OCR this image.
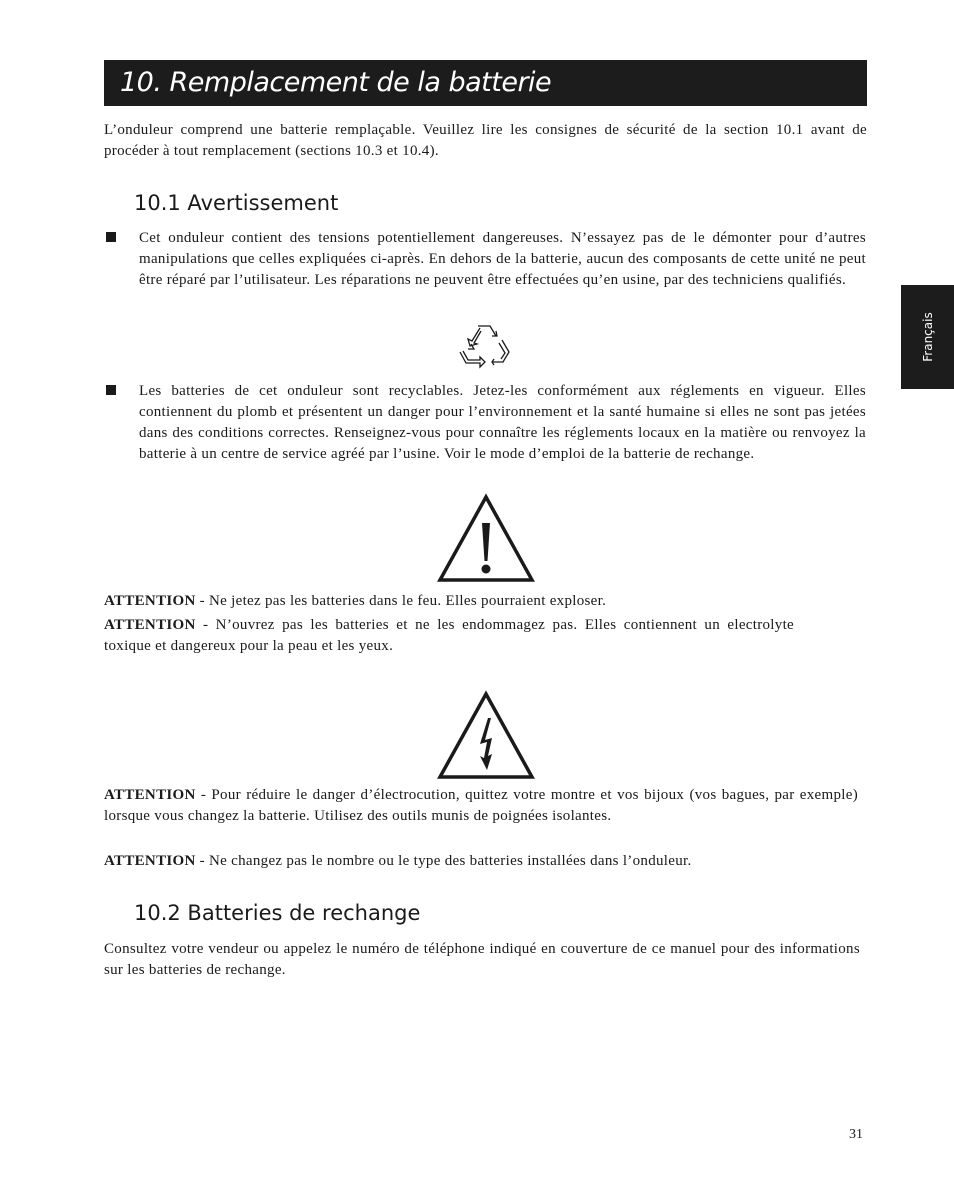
10. Remplacement de la batterie

L’onduleur comprend une batterie remplaçable. Veuillez lire les consignes de sécurité de la section 10.1 avant de procéder à tout remplacement (sections 10.3 et 10.4).

10.1 Avertissement

Cet onduleur contient des tensions potentiellement dangereuses. N’essayez pas de le démonter pour d’autres manipulations que celles expliquées ci-après. En dehors de la batterie, aucun des composants de cette unité ne peut être réparé par l’utilisateur. Les réparations ne peuvent être effectuées qu’en usine, par des techniciens qualifiés.

Les batteries de cet onduleur sont recyclables. Jetez-les conformément aux réglements en vigueur. Elles contiennent du plomb et présentent un danger pour l’environnement et la santé humaine si elles ne sont pas jetées dans des conditions correctes. Renseignez-vous pour connaître les réglements locaux en la matière ou renvoyez la batterie à un centre de service agréé par l’usine. Voir le mode d’emploi de la batterie de rechange.

ATTENTION - Ne jetez pas les batteries dans le feu. Elles pourraient exploser.

ATTENTION - N’ouvrez pas les batteries et ne les endommagez pas. Elles contiennent un electrolyte toxique et dangereux pour la peau et les yeux.

ATTENTION - Pour réduire le danger d’électrocution, quittez votre montre et vos bijoux (vos bagues, par exemple) lorsque vous changez la batterie. Utilisez des outils munis de poignées isolantes.

ATTENTION - Ne changez pas le nombre ou le type des batteries installées dans l’onduleur.

10.2 Batteries de rechange

Consultez votre vendeur ou appelez le numéro de téléphone indiqué en couverture de ce manuel pour des informations sur les batteries de rechange.

Français
31
